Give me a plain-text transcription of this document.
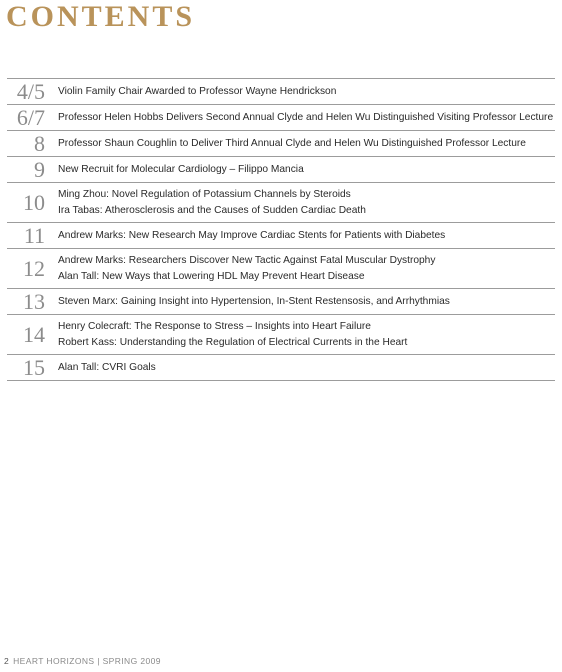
CONTENTS
4/5 Violin Family Chair Awarded to Professor Wayne Hendrickson
6/7 Professor Helen Hobbs Delivers Second Annual Clyde and Helen Wu Distinguished Visiting Professor Lecture
8 Professor Shaun Coughlin to Deliver Third Annual Clyde and Helen Wu Distinguished Professor Lecture
9 New Recruit for Molecular Cardiology – Filippo Mancia
10 Ming Zhou: Novel Regulation of Potassium Channels by Steroids
Ira Tabas: Atherosclerosis and the Causes of Sudden Cardiac Death
11 Andrew Marks: New Research May Improve Cardiac Stents for Patients with Diabetes
12 Andrew Marks: Researchers Discover New Tactic Against Fatal Muscular Dystrophy
Alan Tall: New Ways that Lowering HDL May Prevent Heart Disease
13 Steven Marx: Gaining Insight into Hypertension, In-Stent Restensosis, and Arrhythmias
14 Henry Colecraft: The Response to Stress – Insights into Heart Failure
Robert Kass: Understanding the Regulation of Electrical Currents in the Heart
15 Alan Tall: CVRI Goals
2 HEART HORIZONS | SPRING 2009
